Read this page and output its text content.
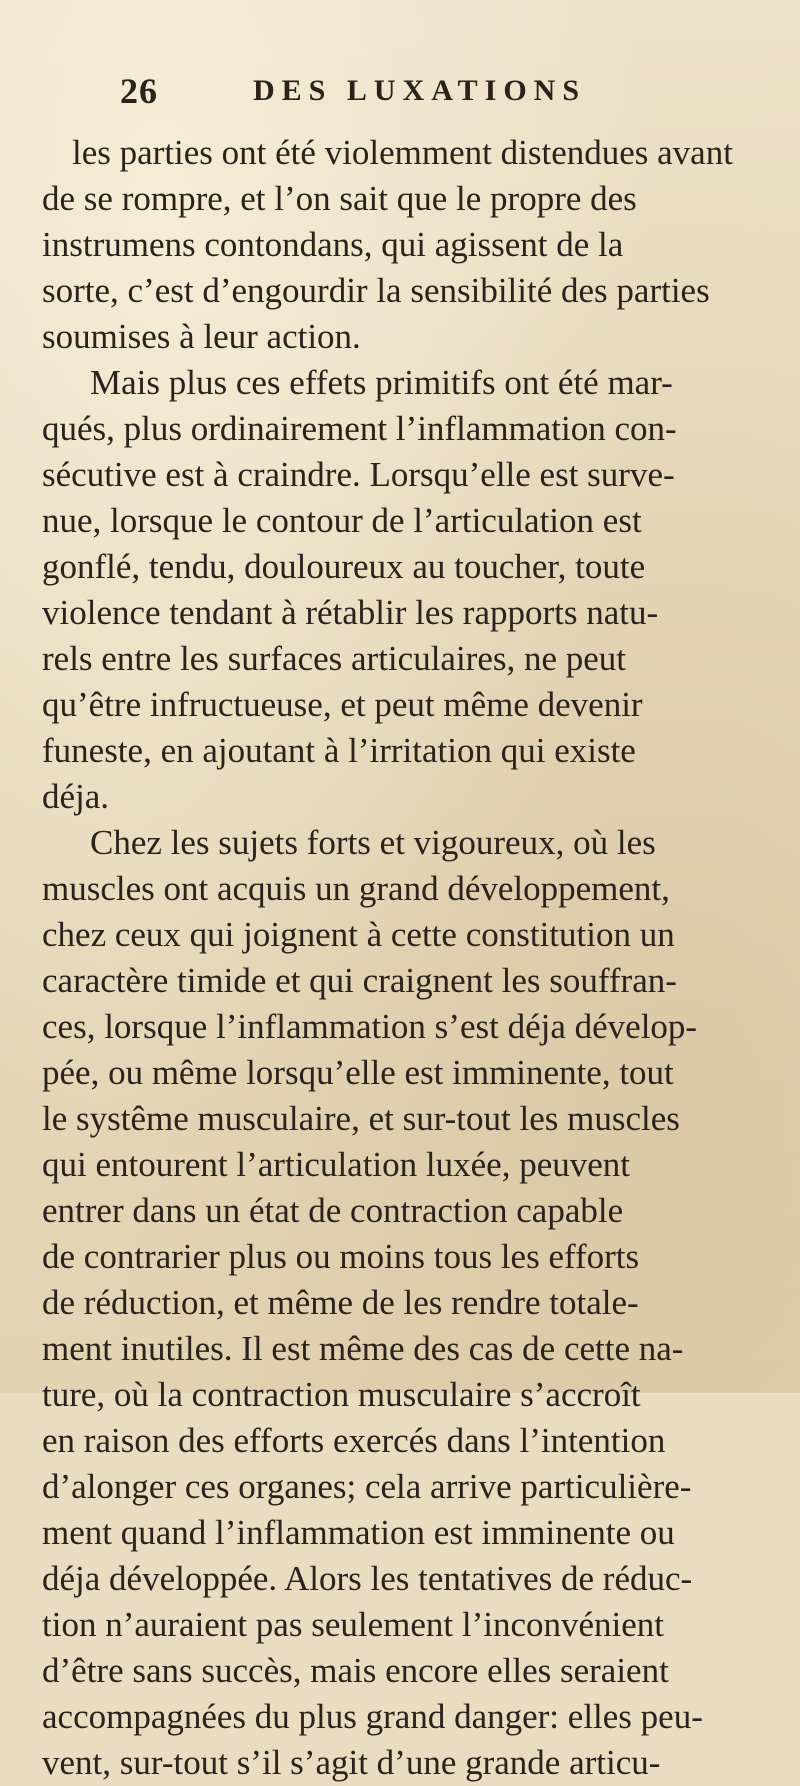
26	DES LUXATIONS
les parties ont été violemment distendues avant
de se rompre, et l’on sait que le propre des
instrumens contondans, qui agissent de la
sorte, c’est d’engourdir la sensibilité des parties
soumises à leur action.
Mais plus ces effets primitifs ont été mar-
qués, plus ordinairement l’inflammation con-
sécutive est à craindre. Lorsqu’elle est surve-
nue, lorsque le contour de l’articulation est
gonflé, tendu, douloureux au toucher, toute
violence tendant à rétablir les rapports natu-
rels entre les surfaces articulaires, ne peut
qu’être infructueuse, et peut même devenir
funeste, en ajoutant à l’irritation qui existe
déja.
Chez les sujets forts et vigoureux, où les
muscles ont acquis un grand développement,
chez ceux qui joignent à cette constitution un
caractère timide et qui craignent les souffran-
ces, lorsque l’inflammation s’est déja dévelop-
pée, ou même lorsqu’elle est imminente, tout
le systême musculaire, et sur-tout les muscles
qui entourent l’articulation luxée, peuvent
entrer dans un état de contraction capable
de contrarier plus ou moins tous les efforts
de réduction, et même de les rendre totale-
ment inutiles. Il est même des cas de cette na-
ture, où la contraction musculaire s’accroît
en raison des efforts exercés dans l’intention
d’alonger ces organes; cela arrive particulière-
ment quand l’inflammation est imminente ou
déja développée. Alors les tentatives de réduc-
tion n’auraient pas seulement l’inconvénient
d’être sans succès, mais encore elles seraient
accompagnées du plus grand danger: elles peu-
vent, sur-tout s’il s’agit d’une grande articu-
